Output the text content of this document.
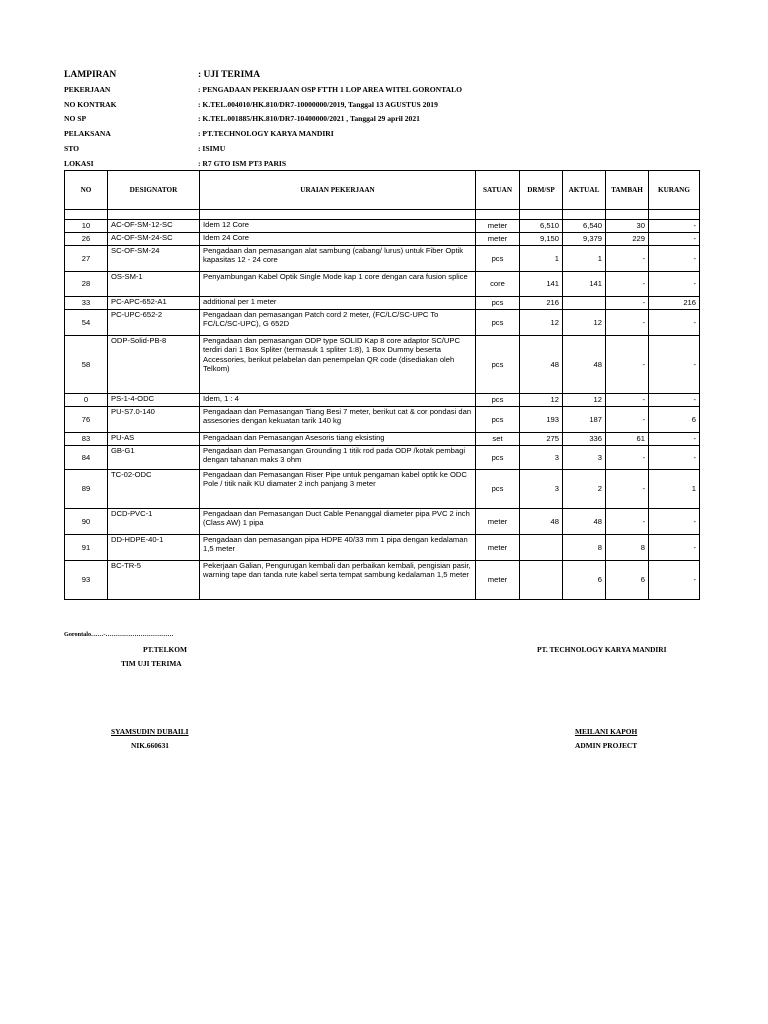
LAMPIRAN	: UJI TERIMA
PEKERJAAN	: PENGADAAN PEKERJAAN OSP FTTH 1 LOP AREA WITEL GORONTALO
NO KONTRAK	: K.TEL.004010/HK.810/DR7-10000000/2019, Tanggal 13 AGUSTUS 2019
NO SP	: K.TEL.001885/HK.810/DR7-10400000/2021 , Tanggal 29 april 2021
PELAKSANA	: PT.TECHNOLOGY KARYA MANDIRI
STO	: ISIMU
LOKASI	: R7 GTO ISM PT3 PARIS
NO	DESIGNATOR	URAIAN PEKERJAAN	SATUAN	DRM/SP	AKTUAL	TAMBAH	KURANG

10	AC-OF-SM-12-SC	Idem 12 Core	meter	6,510	6,540	30	-
26	AC-OF-SM-24-SC	Idem 24 Core	meter	9,150	9,379	229	-
27	SC-OF-SM-24	Pengadaan dan pemasangan alat sambung (cabang/ lurus) untuk Fiber Optik kapasitas 12 - 24 core	pcs	1	1	-	-
28	OS-SM-1	Penyambungan Kabel Optik Single Mode kap 1 core dengan cara fusion splice	core	141	141	-	-
33	PC-APC-652-A1	additional per 1 meter	pcs	216		-	216
54	PC-UPC-652-2	Pengadaan dan pemasangan Patch cord 2 meter, (FC/LC/SC-UPC To FC/LC/SC-UPC), G 652D	pcs	12	12	-	-
58	ODP-Solid-PB-8	Pengadaan dan pemasangan ODP type SOLID Kap 8 core adaptor SC/UPC terdiri dari 1 Box Spliter (termasuk 1 spliter 1:8), 1 Box Dummy beserta Accessories, berikut pelabelan dan penempelan QR code (disediakan oleh Telkom)	pcs	48	48	-	-
0	PS-1-4-ODC	Idem, 1 : 4	pcs	12	12	-	-
76	PU-S7.0-140	Pengadaan dan Pemasangan Tiang Besi 7 meter, berikut cat & cor pondasi dan assesories dengan kekuatan tarik 140 kg	pcs	193	187	-	6
83	PU-AS	Pengadaan dan Pemasangan Asesoris tiang eksisting	set	275	336	61	-
84	GB-G1	Pengadaan dan Pemasangan Grounding 1 titik rod pada ODP /kotak pembagi dengan tahanan maks 3 ohm	pcs	3	3	-	-
89	TC-02-ODC	Pengadaan dan Pemasangan Riser Pipe untuk pengaman kabel optik ke ODC Pole / titik naik KU diamater 2 inch panjang 3 meter	pcs	3	2	-	1
90	DCD-PVC-1	Pengadaan dan Pemasangan Duct Cable Penanggal diameter pipa PVC 2 inch (Class AW) 1 pipa	meter	48	48	-	-
91	DD-HDPE-40-1	Pengadaan dan pemasangan pipa HDPE 40/33 mm 1 pipa dengan kedalaman 1,5 meter	meter		8	8	-
93	BC-TR-5	Pekerjaan Galian, Pengurugan kembali dan perbaikan kembali, pengisian pasir, warning tape dan tanda rute kabel serta tempat sambung kedalaman 1,5 meter	meter		6	6	-
Gorontalo……-……………………………
PT.TELKOM
TIM UJI TERIMA
PT. TECHNOLOGY KARYA MANDIRI
SYAMSUDIN DUBAILI
NIK.660631
MEILANI KAPOH
ADMIN PROJECT
